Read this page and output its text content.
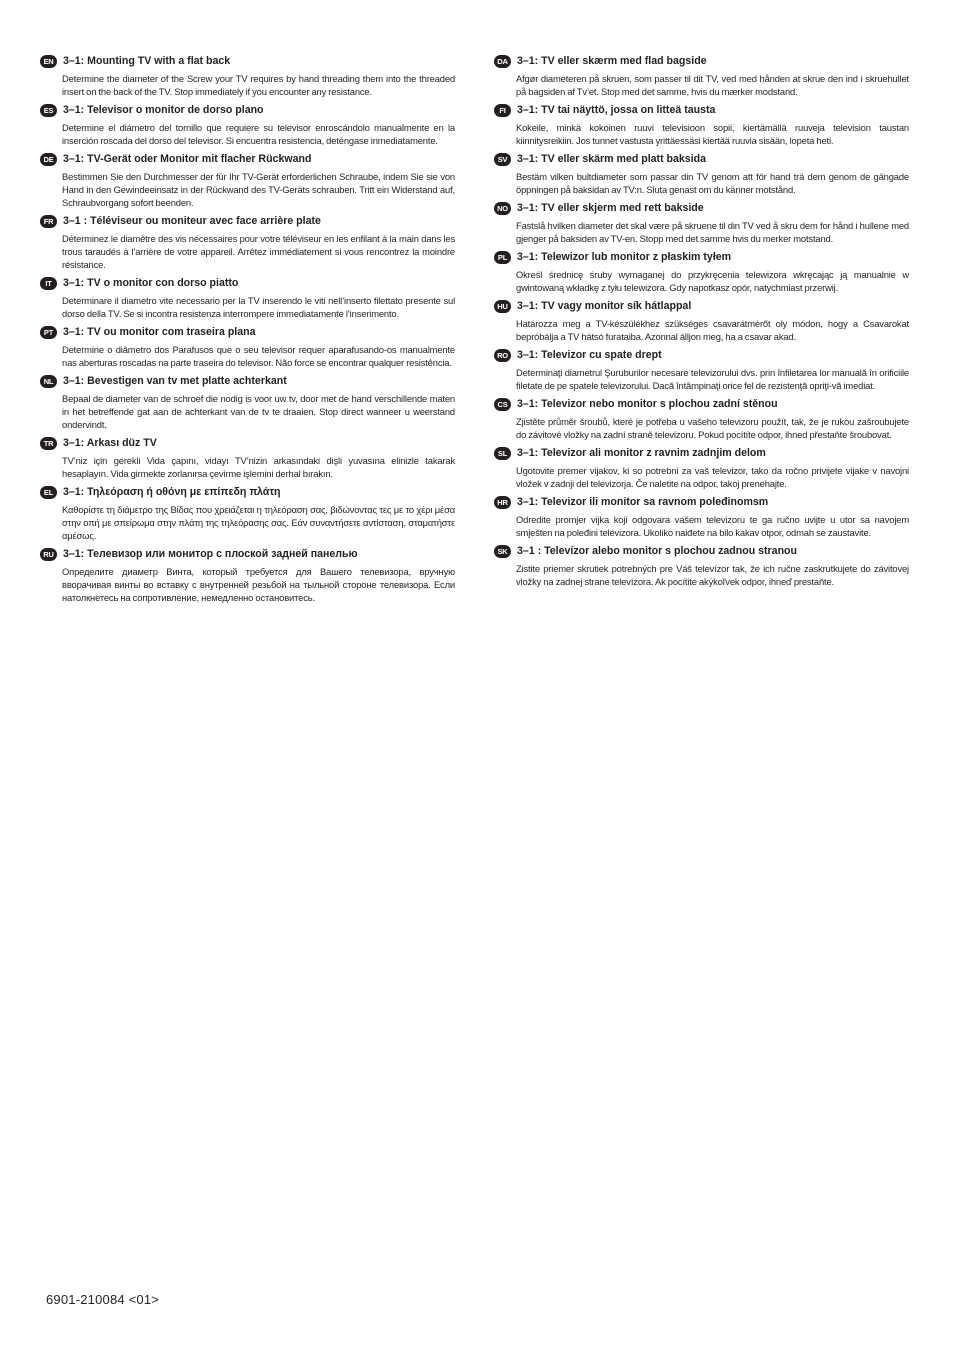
EN 3–1: Mounting TV with a flat back
Determine the diameter of the Screw your TV requires by hand threading them into the threaded insert on the back of the TV. Stop immediately if you encounter any resistance.
ES 3–1: Televisor o monitor de dorso plano
Determine el diámetro del tornillo que requiere su televisor enroscándolo manualmente en la inserción roscada del dorso del televisor. Si encuentra resistencia, deténgase inmediatamente.
DE 3–1: TV-Gerät oder Monitor mit flacher Rückwand
Bestimmen Sie den Durchmesser der für Ihr TV-Gerät erforderlichen Schraube, indem Sie sie von Hand in den Gewindeeinsatz in der Rückwand des TV-Geräts schrauben. Tritt ein Widerstand auf, Schraubvorgang sofort beenden.
FR 3–1 : Téléviseur ou moniteur avec face arrière plate
Déterminez le diamètre des vis nécessaires pour votre téléviseur en les enfilant à la main dans les trous taraudés à l’arrière de votre appareil. Arrêtez immédiatement si vous rencontrez la moindre résistance.
IT	3–1: TV o monitor con dorso piatto
Determinare il diametro vite necessario per la TV inserendo le viti nell’inserto filettato presente sul dorso della TV. Se si incontra resistenza interrompere immediatamente l’inserimento.
PT 3–1: TV ou monitor com traseira plana
Determine o diâmetro dos Parafusos que o seu televisor requer aparafusando-os manualmente nas aberturas roscadas na parte traseira do televisor. Não force se encontrar qualquer resistência.
NL 3–1: Bevestigen van tv met platte achterkant
Bepaal de diameter van de schroef die nodig is voor uw tv, door met de hand verschillende maten in het betreffende gat aan de achterkant van de tv te draaien. Stop direct wanneer u weerstand ondervindt.
TR 3–1: Arkası düz TV
TV’niz için gerekli Vida çapını, vidayı TV’nizin arkasındaki dişli yuvasına elinizle takarak hesaplayın. Vida girmekte zorlanırsa çevirme işlemini derhal bırakın.
EL 3–1: Τηλεόραση ή οθόνη με επίπεδη πλάτη
Καθορίστε τη διάμετρο της Βίδας που χρειάζεται η τηλεόραση σας, βιδώνοντας τες με το χέρι μέσα στην οπή με σπείρωμα στην πλάτη της τηλεόρασης σας. Εάν συναντήσετε αντίσταση, σταματήστε αμέσως.
RU 3–1: Телевизор или монитор с плоской задней панелью
Определите диаметр Винта, который требуется для Вашего телевизора, вручную вворачивая винты во вставку с внутренней резьбой на тыльной стороне телевизора. Если натолкнетесь на сопротивление, немедленно остановитесь.
DA 3–1: TV eller skærm med flad bagside
Afgør diameteren på skruen, som passer til dit TV, ved med hånden at skrue den ind i skruehullet på bagsiden af Tv’et. Stop med det samme, hvis du mærker modstand.
FI	3–1: TV tai näyttö, jossa on litteä tausta
Kokeile, minkä kokoinen ruuvi televisioon sopii, kiertämällä ruuveja television taustan kiinnitysreikiin. Jos tunnet vastusta yrittäessäsi kiertää ruuvia sisään, lopeta heti.
SV 3–1: TV eller skärm med platt baksida
Bestäm vilken bultdiameter som passar din TV genom att för hand trä dem genom de gängade öppningen på baksidan av TV:n. Sluta genast om du känner motstånd.
NO 3–1: TV eller skjerm med rett bakside
Fastslå hvilken diameter det skal være på skruene til din TV ved å skru dem for hånd i hullene med gjenger på baksiden av TV-en. Stopp med det samme hvis du merker motstand.
PL 3–1: Telewizor lub monitor z płaskim tyłem
Określ średnicę śruby wymaganej do przykręcenia telewizora wkręcając ją manualnie w gwintowaną wkładkę z tyłu telewizora. Gdy napotkasz opór, natychmiast przerwij.
HU 3–1: TV vagy monitor sík hátlappal
Határozza meg a TV-készülékhez szükséges csavarátmérőt oly módon, hogy a Csavarokat bepróbálja a TV hátsó furataiba. Azonnal álljon meg, ha a csavar akad.
RO 3–1: Televizor cu spate drept
Determinaţi diametrul Şuruburilor necesare televizorului dvs. prin înfiletarea lor manuală în orificiile filetate de pe spatele televizorului. Dacă întâmpinaţi orice fel de rezistenţă opriţi-vă imediat.
CS 3–1: Televizor nebo monitor s plochou zadní stěnou
Zjistěte průměr šroubů, které je potřeba u vašeho televizoru použít, tak, že je rukou zašroubujete do závitové vložky na zadní straně televizoru. Pokud pocítíte odpor, ihned přestaňte šroubovat.
SL 3–1: Televizor ali monitor z ravnim zadnjim delom
Ugotovite premer vijakov, ki so potrebni za vaš televizor, tako da ročno privijete vijake v navojni vložek v zadnji del televizorja. Če naletite na odpor, takoj prenehajte.
HR 3–1: Televizor ili monitor sa ravnom poleđinomsm
Odredite promjer vijka koji odgovara vašem televizoru te ga ručno uvijte u utor sa navojem smješten na poleđini televizora. Ukoliko naiđete na bilo kakav otpor, odmah se zaustavite.
SK 3–1 : Televízor alebo monitor s plochou zadnou stranou
Zistite priemer skrutiek potrebných pre Váš televízor tak, že ich ručne zaskrutkujete do závitovej vložky na zadnej strane televízora. Ak pocítite akýkoľvek odpor, ihneď prestaňte.
6901-210084 <01>
